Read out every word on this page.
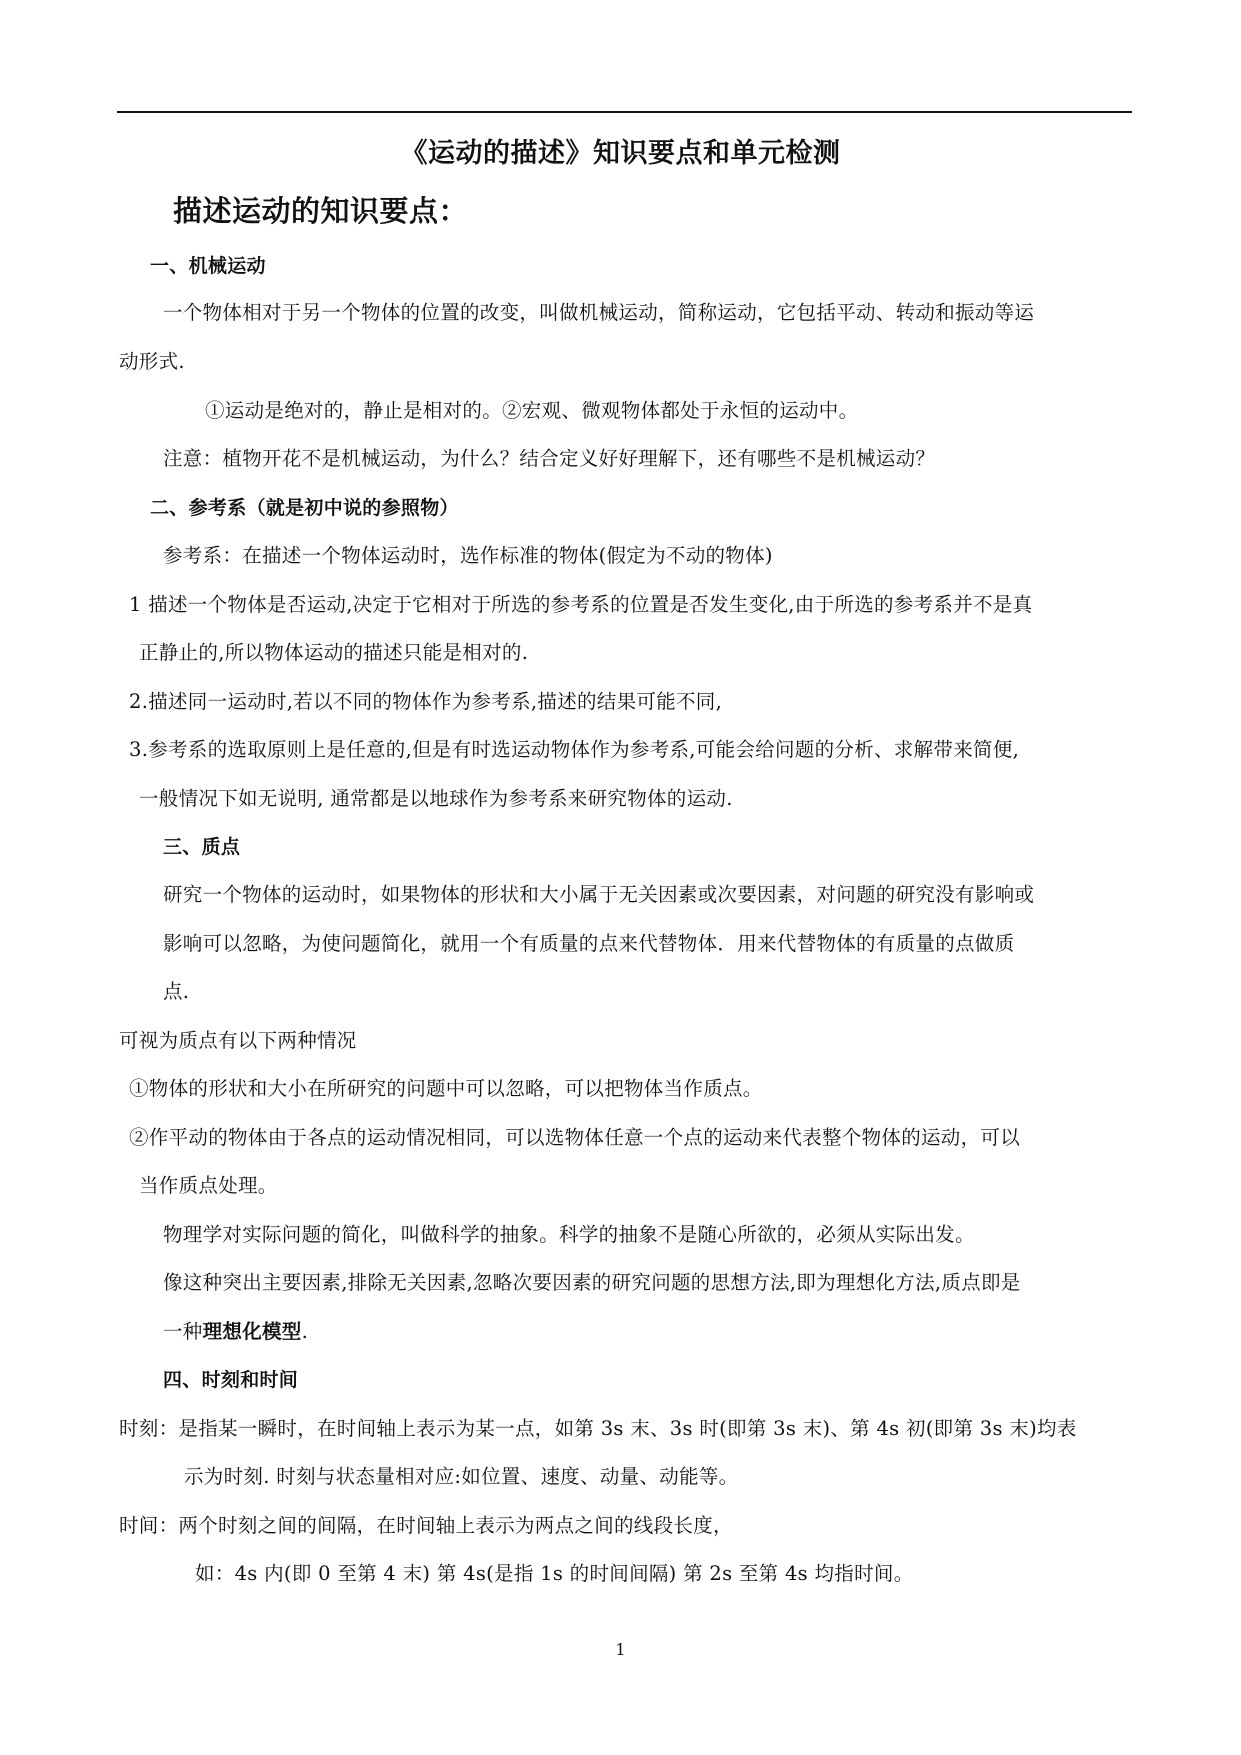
《运动的描述》知识要点和单元检测
描述运动的知识要点：
一、机械运动
一个物体相对于另一个物体的位置的改变，叫做机械运动，简称运动，它包括平动、转动和振动等运
动形式.
①运动是绝对的，静止是相对的。②宏观、微观物体都处于永恒的运动中。
注意：植物开花不是机械运动，为什么？结合定义好好理解下，还有哪些不是机械运动？
二、参考系（就是初中说的参照物）
参考系：在描述一个物体运动时，选作标准的物体(假定为不动的物体)
1 描述一个物体是否运动,决定于它相对于所选的参考系的位置是否发生变化,由于所选的参考系并不是真
正静止的,所以物体运动的描述只能是相对的.
2.描述同一运动时,若以不同的物体作为参考系,描述的结果可能不同,
3.参考系的选取原则上是任意的,但是有时选运动物体作为参考系,可能会给问题的分析、求解带来简便,
一般情况下如无说明, 通常都是以地球作为参考系来研究物体的运动.
三、质点
研究一个物体的运动时，如果物体的形状和大小属于无关因素或次要因素，对问题的研究没有影响或
影响可以忽略，为使问题简化，就用一个有质量的点来代替物体．用来代替物体的有质量的点做质
点.
可视为质点有以下两种情况
①物体的形状和大小在所研究的问题中可以忽略，可以把物体当作质点。
②作平动的物体由于各点的运动情况相同，可以选物体任意一个点的运动来代表整个物体的运动，可以
当作质点处理。
物理学对实际问题的简化，叫做科学的抽象。科学的抽象不是随心所欲的，必须从实际出发。
像这种突出主要因素,排除无关因素,忽略次要因素的研究问题的思想方法,即为理想化方法,质点即是
一种理想化模型.
四、时刻和时间
时刻：是指某一瞬时，在时间轴上表示为某一点，如第 3s 末、3s 时(即第 3s 末)、第 4s 初(即第 3s 末)均表
示为时刻. 时刻与状态量相对应:如位置、速度、动量、动能等。
时间：两个时刻之间的间隔，在时间轴上表示为两点之间的线段长度，
如：4s 内(即 0 至第 4 末) 第 4s(是指 1s 的时间间隔) 第 2s 至第 4s 均指时间。
1
